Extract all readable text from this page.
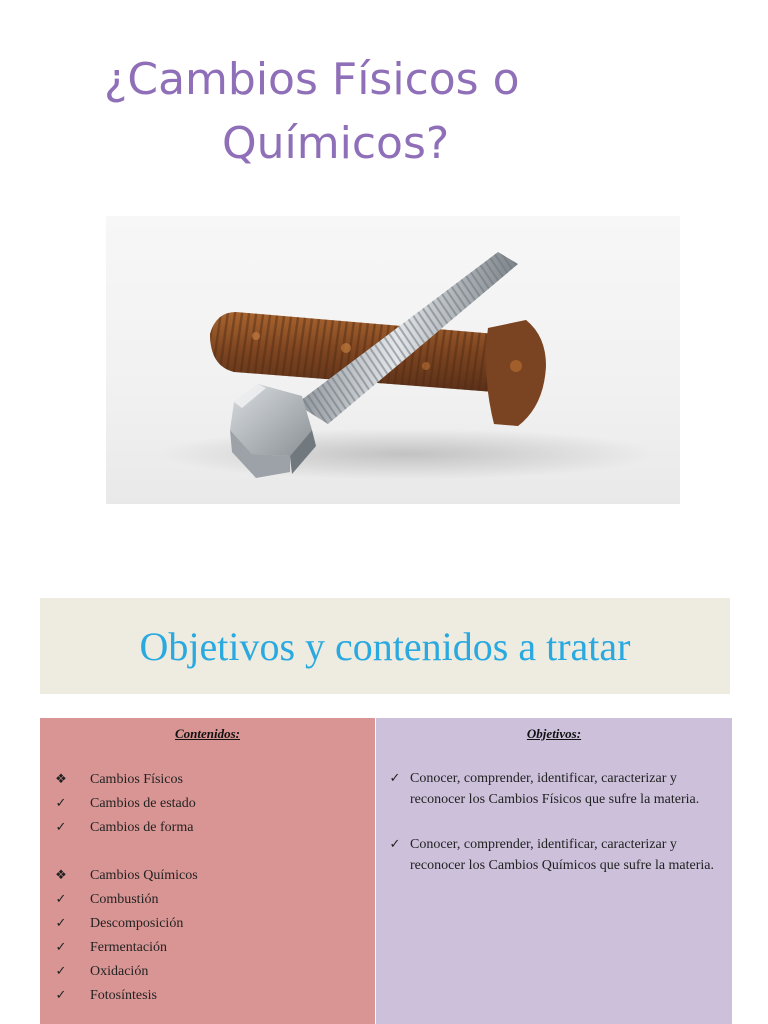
¿Cambios Físicos o
Químicos?
Objetivos y contenidos a tratar
Contenidos:
❖ Cambios Físicos
✓ Cambios de estado
✓ Cambios de forma
❖ Cambios Químicos
✓ Combustión
✓ Descomposición
✓ Fermentación
✓ Oxidación
✓ Fotosíntesis
Objetivos:
✓ Conocer, comprender, identificar, caracterizar y reconocer los Cambios Físicos que sufre la materia.
✓ Conocer, comprender, identificar, caracterizar y reconocer los Cambios Químicos que sufre la materia.
